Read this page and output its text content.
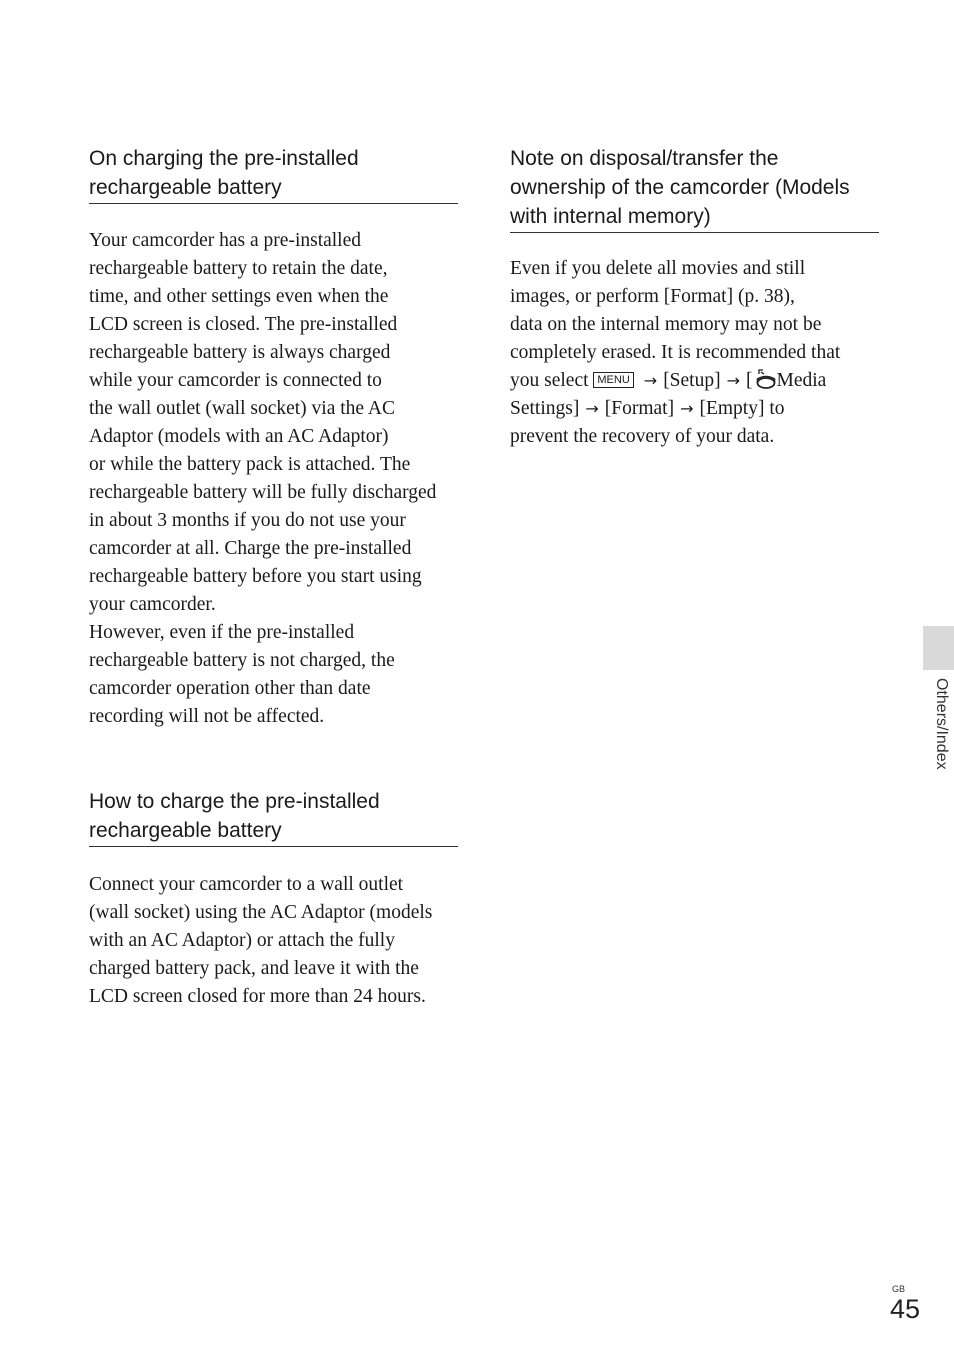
On charging the pre-installed
rechargeable battery

Your camcorder has a pre-installed
rechargeable battery to retain the date,
time, and other settings even when the
LCD screen is closed. The pre-installed
rechargeable battery is always charged
while your camcorder is connected to
the wall outlet (wall socket) via the AC
Adaptor (models with an AC Adaptor)
or while the battery pack is attached. The
rechargeable battery will be fully discharged
in about 3 months if you do not use your
camcorder at all. Charge the pre-installed
rechargeable battery before you start using
your camcorder.
However, even if the pre-installed
rechargeable battery is not charged, the
camcorder operation other than date
recording will not be affected.

How to charge the pre-installed
rechargeable battery

Connect your camcorder to a wall outlet
(wall socket) using the AC Adaptor (models
with an AC Adaptor) or attach the fully
charged battery pack, and leave it with the
LCD screen closed for more than 24 hours.

Note on disposal/transfer the
ownership of the camcorder (Models
with internal memory)

Even if you delete all movies and still
images, or perform [Format] (p. 38),
data on the internal memory may not be
completely erased. It is recommended that
you select MENU → [Setup] → [ Media
Settings] → [Format] → [Empty] to
prevent the recovery of your data.

Others/Index
GB
45
